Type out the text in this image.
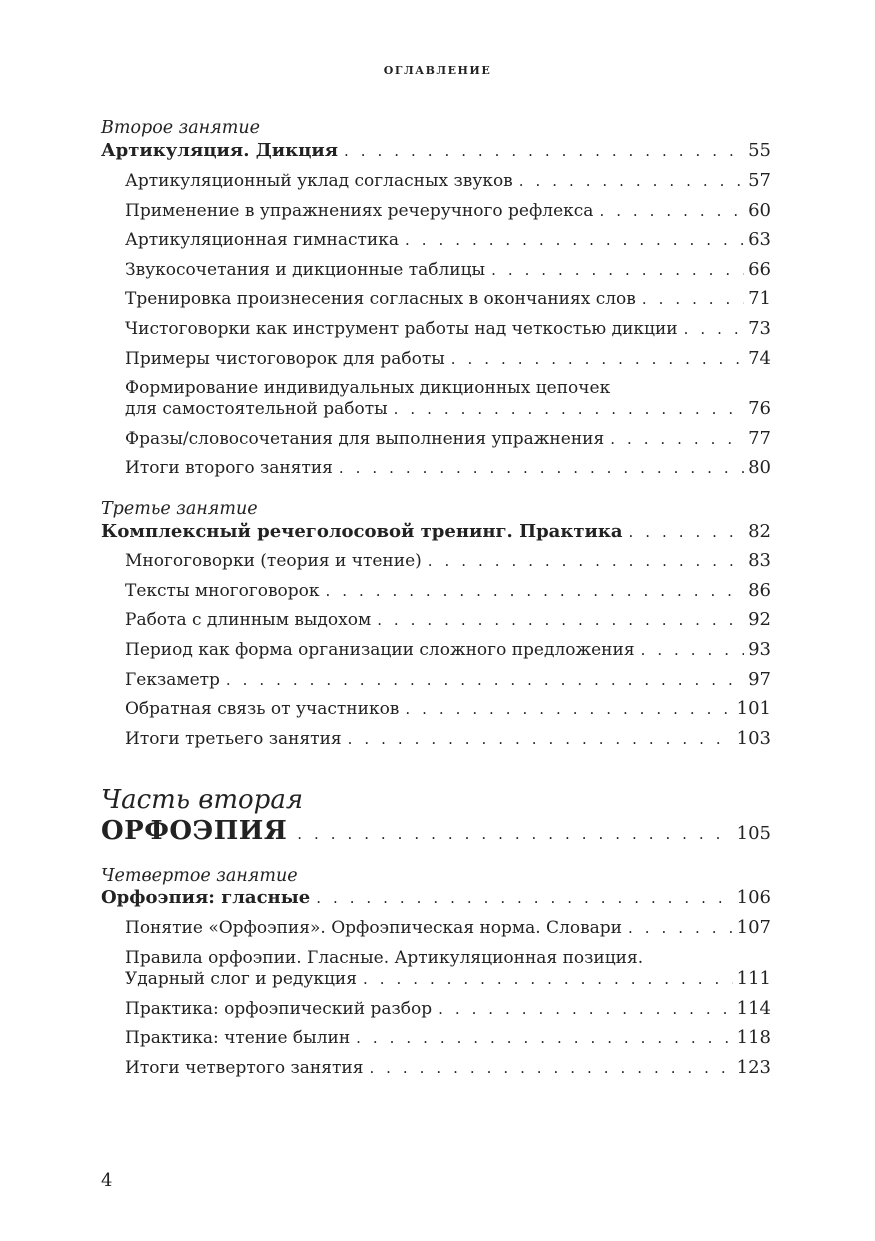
ОГЛАВЛЕНИЕ
Второе занятие
Артикуляция. Дикция . . .	55
Артикуляционный уклад согласных звуков . . .	57
Применение в упражнениях речеручного рефлекса . . .	60
Артикуляционная гимнастика . . .	63
Звукосочетания и дикционные таблицы . . .	66
Тренировка произнесения согласных в окончаниях слов . . .	71
Чистоговорки как инструмент работы над четкостью дикции . . .	73
Примеры чистоговорок для работы . . .	74
Формирование индивидуальных дикционных цепочек
для самостоятельной работы . . .	76
Фразы/словосочетания для выполнения упражнения . . .	77
Итоги второго занятия . . .	80
Третье занятие
Комплексный речеголосовой тренинг. Практика . . .	82
Многоговорки (теория и чтение) . . .	83
Тексты многоговорок . . .	86
Работа с длинным выдохом . . .	92
Период как форма организации сложного предложения . . .	93
Гекзаметр . . .	97
Обратная связь от участников . . .	101
Итоги третьего занятия . . .	103
Часть вторая
ОРФОЭПИЯ . . .	105
Четвертое занятие
Орфоэпия: гласные . . .	106
Понятие «Орфоэпия». Орфоэпическая норма. Словари . . .	107
Правила орфоэпии. Гласные. Артикуляционная позиция.
Ударный слог и редукция . . .	111
Практика: орфоэпический разбор . . .	114
Практика: чтение былин . . .	118
Итоги четвертого занятия . . .	123
4
